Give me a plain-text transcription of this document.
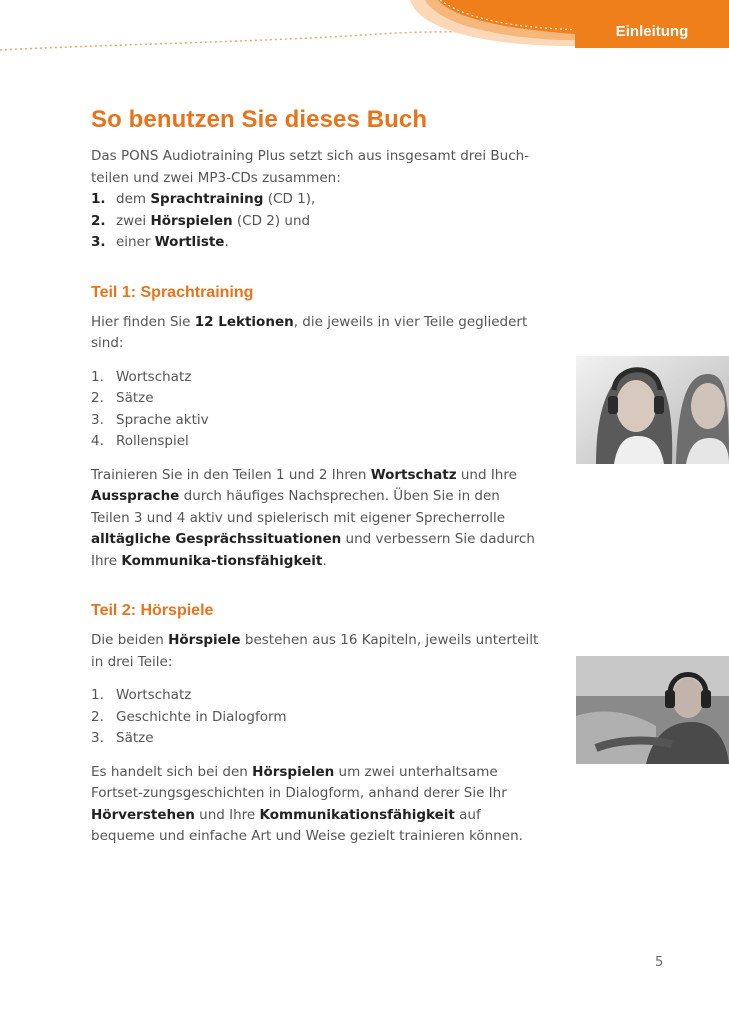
Einleitung
So benutzen Sie dieses Buch

Das PONS Audiotraining Plus setzt sich aus insgesamt drei Buch-teilen und zwei MP3-CDs zusammen:

1. dem Sprachtraining (CD 1),
2. zwei Hörspielen (CD 2) und
3. einer Wortliste.
Teil 1: Sprachtraining

Hier finden Sie 12 Lektionen, die jeweils in vier Teile gegliedert sind:

1. Wortschatz
2. Sätze
3. Sprache aktiv
4. Rollenspiel

Trainieren Sie in den Teilen 1 und 2 Ihren Wortschatz und Ihre Aussprache durch häufiges Nachsprechen. Üben Sie in den Teilen 3 und 4 aktiv und spielerisch mit eigener Sprecherrolle alltägliche Gesprächssituationen und verbessern Sie dadurch Ihre Kommunika-tionsfähigkeit.

Teil 2: Hörspiele

Die beiden Hörspiele bestehen aus 16 Kapiteln, jeweils unterteilt in drei Teile:

1. Wortschatz
2. Geschichte in Dialogform
3. Sätze

Es handelt sich bei den Hörspielen um zwei unterhaltsame Fortset-zungsgeschichten in Dialogform, anhand derer Sie Ihr Hörverstehen und Ihre Kommunikationsfähigkeit auf bequeme und einfache Art und Weise gezielt trainieren können.

5
